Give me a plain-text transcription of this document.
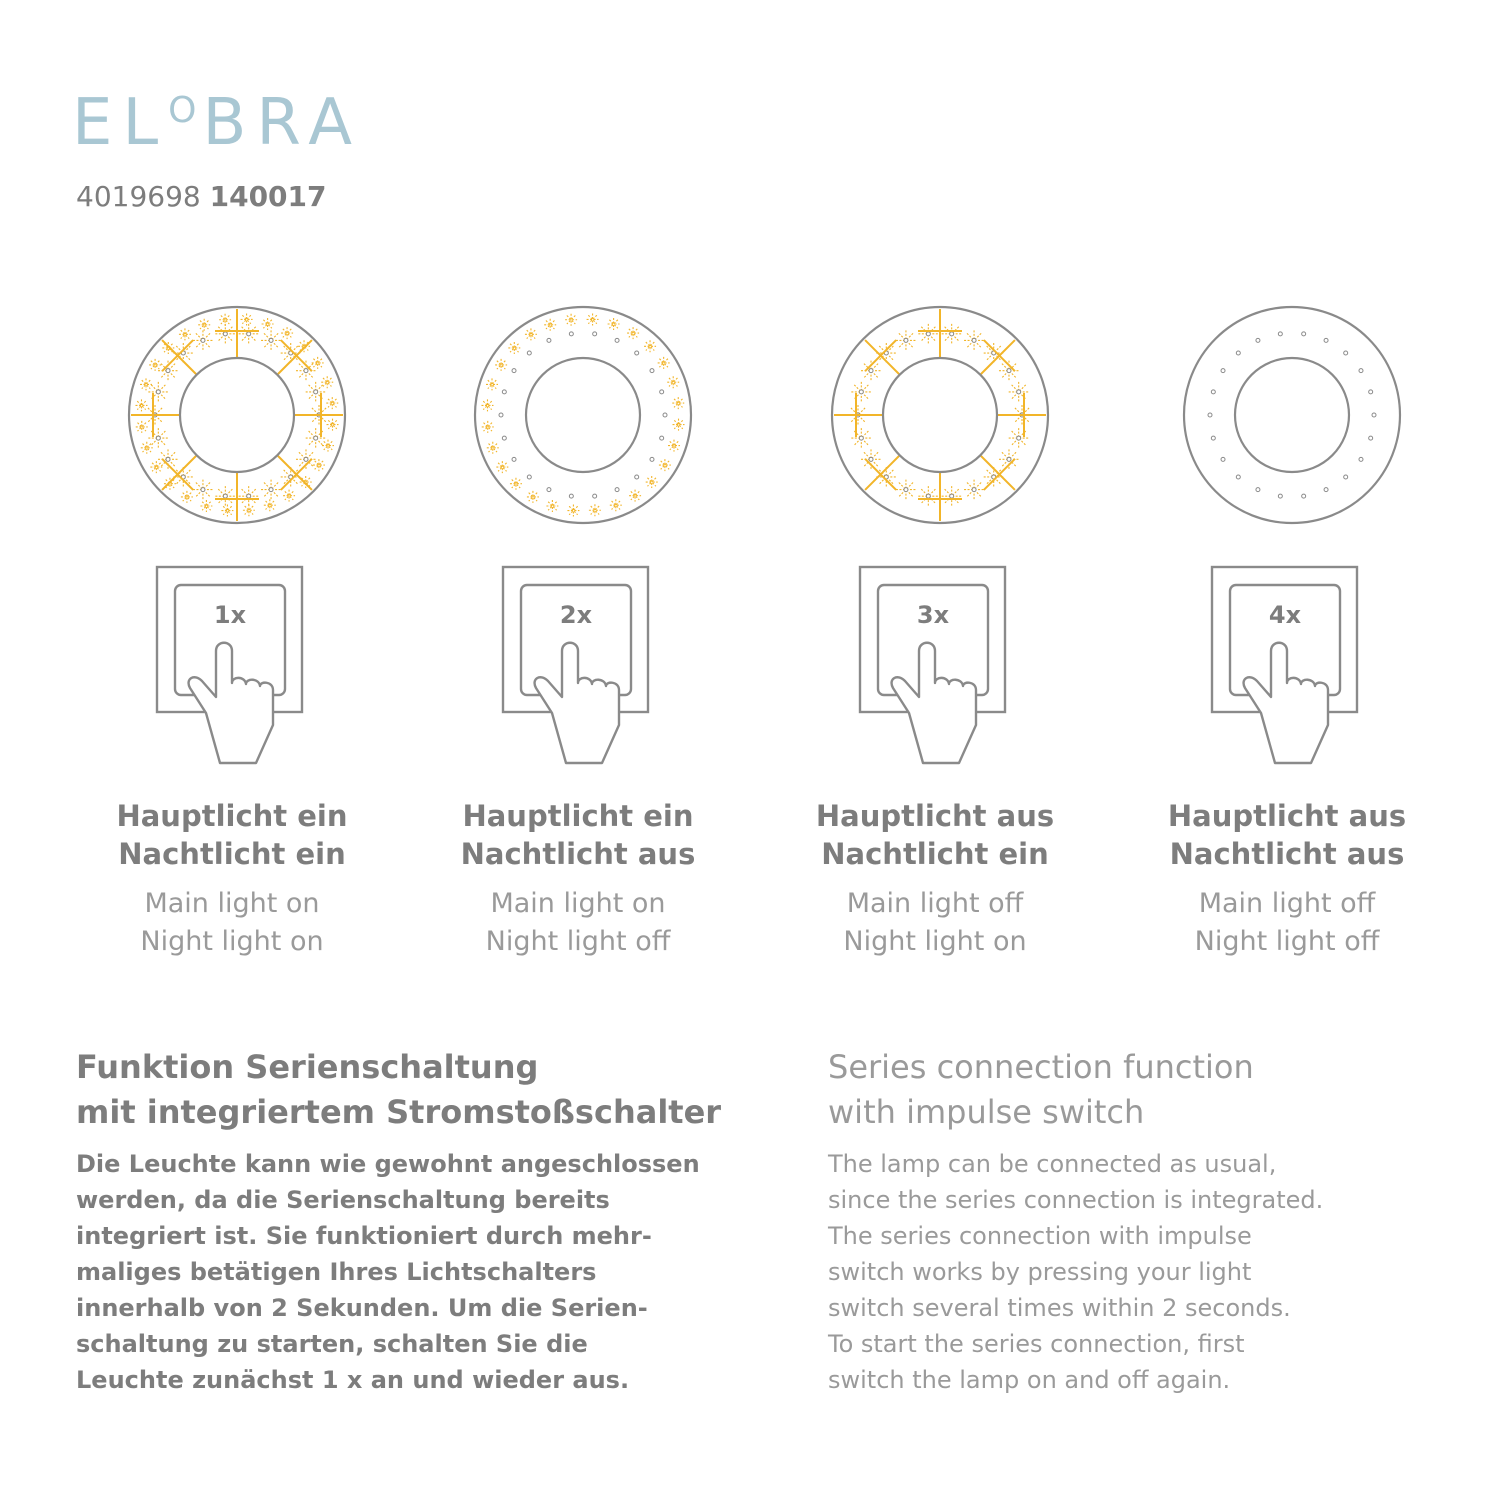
ELOBRA
4019698 140017
1x
Hauptlicht ein
Nachtlicht ein
Main light on
Night light on
2x
Hauptlicht ein
Nachtlicht aus
Main light on
Night light off
3x
Hauptlicht aus
Nachtlicht ein
Main light off
Night light on
4x
Hauptlicht aus
Nachtlicht aus
Main light off
Night light off
Funktion Serienschaltung
mit integriertem Stromstoßschalter
Series connection function
with impulse switch
Die Leuchte kann wie gewohnt angeschlossen
werden, da die Serienschaltung bereits
integriert ist. Sie funktioniert durch mehr-
maliges betätigen Ihres Lichtschalters
innerhalb von 2 Sekunden. Um die Serien-
schaltung zu starten, schalten Sie die
Leuchte zunächst 1 x an und wieder aus.
The lamp can be connected as usual,
since the series connection is integrated.
The series connection with impulse
switch works by pressing your light
switch several times within 2 seconds.
To start the series connection, first
switch the lamp on and off again.
